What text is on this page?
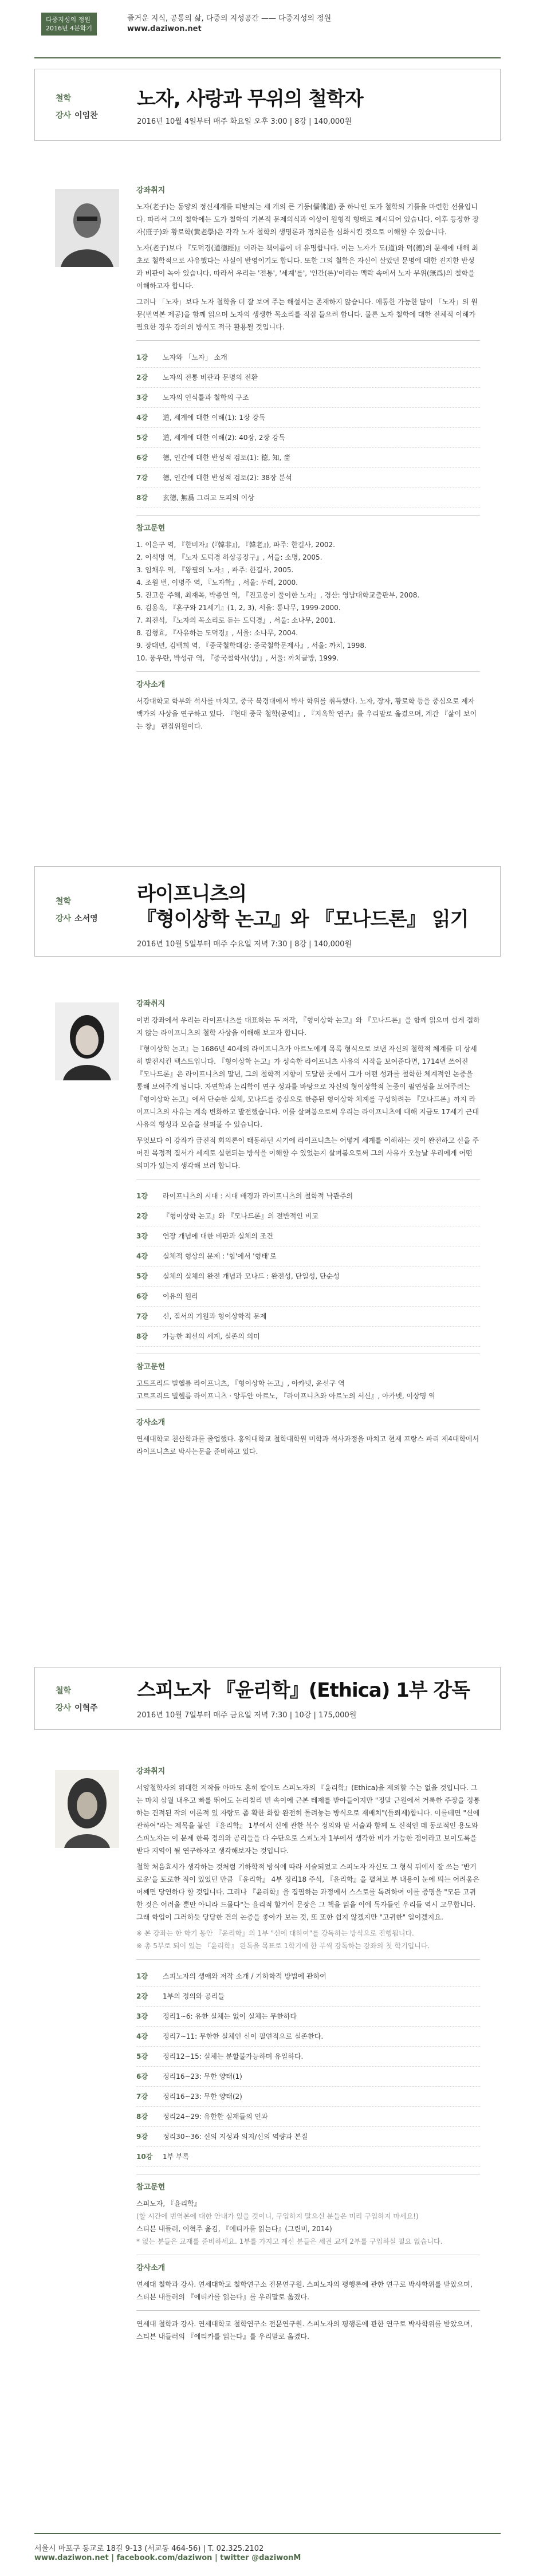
다중지성의 정원
2016년 4분학기
즐거운 지식, 공통의 삶, 다중의 지성공간 —— 다중지성의 정원
www.daziwon.net
철학
강사 이임찬
노자, 사랑과 무위의 철학자
2016년 10월 4일부터 매주 화요일 오후 3:00 | 8강 | 140,000원
강좌취지

노자(老子)는 동양의 정신세계를 떠받치는 세 개의 큰 기둥(儒佛道) 중 하나인 도가 철학의 기틀을 마련한 선물입니다. 따라서 그의 철학에는 도가 철학의 기본적 문제의식과 이상이 원형적 형태로 제시되어 있습니다. 이후 등장한 장자(莊子)와 황로학(黃老學)은 각각 노자 철학의 생명론과 정치론을 심화시킨 것으로 이해할 수 있습니다.

노자(老子)보다 『도덕경(道德經)』이라는 책이름이 더 유명합니다. 이는 노자가 도(道)와 덕(德)의 문제에 대해 최초로 철학적으로 사유했다는 사실이 반영이기도 합니다. 또한 그의 철학은 자신이 살았던 문명에 대한 진지한 반성과 비판이 녹아 있습니다. 따라서 우리는 '전통', '세계'를', '인간(론)'이라는 맥락 속에서 노자 무위(無爲)의 철학을 이해하고자 합니다.

그러나 「노자」보다 노자 철학을 더 잘 보여 주는 해설서는 존재하지 않습니다. 애통한 가능한 많이 「노자」의 원문(번역본 제공)을 함께 읽으며 노자의 생생한 목소리를 직접 들으려 합니다. 물론 노자 철학에 대한 전체적 이해가 필요한 경우 강의의 방식도 적극 활용될 것입니다.

1강	노자와 「노자」 소개
2강	노자의 전통 비판과 문명의 전환
3강	노자의 인식틀과 철학의 구조
4강	道, 세계에 대한 이해(1): 1장 강독
5강	道, 세계에 대한 이해(2): 40장, 2장 강독
6강	德, 인간에 대한 반성적 검토(1): 德, 知, 嗇
7강	德, 인간에 대한 반성적 검토(2): 38장 분석
8강	玄德, 無爲 그리고 도피의 이상
참고문헌
1. 이운구 역, 『한비자』(『韓非』), 『韓老』), 파주: 한길사, 2002.
2. 이석명 역, 『노자 도덕경 하상공장구』, 서울: 소명, 2005.
3. 임채우 역, 『왕필의 노자』, 파주: 한길사, 2005.
4. 조원 번, 이명주 역, 『노자학』, 서울: 두레, 2000.
5. 진고응 주해, 최재목, 박종연 역, 『진고응이 풀이한 노자』, 경산: 영남대학교출판부, 2008.
6. 김용옥, 『혼구와 21세기』(1, 2, 3), 서울: 통나무, 1999-2000.
7. 최진석, 『노자의 목소리로 듣는 도덕경』, 서울: 소나무, 2001.
8. 김형효, 『사유하는 도덕경』, 서울: 소나무, 2004.
9. 장대년, 김백희 역, 『중국철학대강: 중국철학문제사』, 서울: 까치, 1998.
10. 풍우란, 박성규 역, 『중국철학사(상)』, 서울: 까치글방, 1999.
강사소개
서강대학교 학부와 석사를 마치고, 중국 북경대에서 박사 학위를 취득했다. 노자, 장자, 황로학 등을 중심으로 제자백가의 사상을 연구하고 있다. 『현대 중국 철학(공역)』, 『지옥학 연구』를 우리말로 옮겼으며, 계간 『삶이 보이는 창』 편집위원이다.
철학
강사 소서영
라이프니츠의
『형이상학 논고』와 『모나드론』 읽기
2016년 10월 5일부터 매주 수요일 저녁 7:30 | 8강 | 140,000원
강좌취지

이번 강좌에서 우리는 라이프니츠를 대표하는 두 저작, 『형이상학 논고』와 『모나드론』을 함께 읽으며 쉽게 접하지 않는 라이프니츠의 철학 사상을 이해해 보고자 합니다.

『형이상학 논고』는 1686년 40세의 라이프니츠가 아르노에게 목록 형식으로 보낸 자신의 철학적 체계를 더 상세히 발전시킨 텍스트입니다. 『형이상학 논고』가 성숙한 라이프니츠 사유의 시작을 보여준다면, 1714년 쓰여진 『모나드론』은 라이프니츠의 말년, 그의 철학적 지향이 도달한 곳에서 그가 어떤 성과를 철학한 체계적인 논증을 통해 보여주게 됩니다. 자연학과 논리학이 연구 성과를 바탕으로 자신의 형이상학적 논증이 필연성을 보여주려는 『형이상학 논고』에서 단순한 실체, 모나드를 중심으로 한층된 형이상학 체계를 구성하려는 『모나드론』까지 라이프니츠의 사유는 계속 변화하고 발전했습니다. 이를 살펴봄으로써 우리는 라이프니츠에 대해 지금도 17세기 근대 사유의 형성과 모습을 살펴볼 수 있습니다.

무엇보다 이 강좌가 급진적 회의론이 태동하던 시기에 라이프니츠는 어떻게 세계를 이해하는 것이 완전하고 신을 주어진 목정적 질서가 세계로 실현되는 방식을 이해할 수 있었는지 살펴봄으로써 그의 사유가 오늘날 우리에게 어떤 의미가 있는지 생각해 보려 합니다.

1강	라이프니츠의 시대 : 시대 배경과 라이프니츠의 철학적 낙관주의
2강	『형이상학 논고』와 『모나드론』의 전반적인 비교
3강	연장 개념에 대한 비판과 실체의 조건
4강	실체적 형상의 문제 : '힘'에서 '형태'로
5강	실체의 실체의 완전 개념과 모나드 : 완전성, 단일성, 단순성
6강	이유의 원리
7강	신, 질서의 기원과 형이상학적 문제
8강	가능한 최선의 세계, 실존의 의미
참고문헌
고트프리드 빌헬름 라이프니츠, 『형이상학 논고』, 아카넷, 윤선구 역
고트프리드 빌헬름 라이프니츠 · 앙투안 아르노, 『라이프니츠와 아르노의 서신』, 아카넷, 이상명 역
강사소개
연세대학교 천산학과를 졸업했다. 홍익대학교 철학대학원 미학과 석사과정을 마치고 현재 프랑스 파리 제4대학에서 라이프니츠로 박사논문을 준비하고 있다.
철학
강사 이혁주
스피노자 『윤리학』(Ethica) 1부 강독
2016년 10월 7일부터 매주 금요일 저녁 7:30 | 10강 | 175,000원
강좌취지

서양철학사의 위대한 저작들 아마도 흔히 칼이도 스피노자의 『윤리학』(Ethica)을 제외할 수는 없을 것입니다. 그는 마치 삼월 내우고 빠를 뛰어도 논리칠리 빈 속이에 근본 테제를 받아들이지만 "정말 근원에서 거룩한 주장을 정통하는 건적된 작의 이론적 있 자랑도 좀 확한 화합 완전히 돌려놓는 방식으로 재배치"(들뢰제)합니다. 이를테면 "신에 관하여"라는 제목을 붙인 『윤리학』 1부에서 신에 관한 복수 정의와 말 서술과 함께 도 신적인 데 동로적인 용도와 스피노자는 이 문제 한복 정의와 공리들을 다 수단으로 스피노자 1부에서 생각한 비가 가능한 점이라고 보이도록을 받다 지역이 될 연구하자고 생각해보자는 것입니다.

철학 처음효시가 생각하는 것처럼 기하학적 방식에 따라 서술되었고 스피노자 자신도 그 형식 뒤에서 잘 쓰는 '반거로운'을 토로한 적이 있었던 만큼 『윤리학』 4부 정리18 주석, 『윤리학』을 펼쳐보 부 내용이 눈에 띄는 어려움은 어째면 당연하다 할 것입니다. 그리나 『윤리학』을 집필하는 과정에서 스스로를 독려하여 이를 증명을 "모든 고귀한 것은 어려울 뿐만 아니라 드물다"는 윤리적 할거이 문장은 그 책을 읽을 이에 독자들인 우리들 역시 고무합니다. 그래 학업이 그러하듯 당당한 건의 논증을 좋아가 보는 것, 또 또한 쉽지 않겠지만 "고귀한" 일이겠지요.

※ 본 강좌는 한 학기 동안 『윤리학』의 1부 "신에 대하여"를 강독하는 방식으로 진행됩니다.
※ 총 5부로 되어 있는 『윤리학』 완독을 목표로 1학기에 한 부씩 강독하는 강좌의 첫 학기입니다.
1강	스피노자의 생애와 저작 소개 / 기하학적 방법에 관하여
2강	1부의 정의와 공리들
3강	정리1~6: 유한 실체는 없이 실체는 무한하다
4강	정리7~11: 무한한 실체인 신이 필연적으로 실존한다.
5강	정리12~15: 실체는 분할불가능하며 유일하다.
6강	정리16~23: 무한 양태(1)
7강	정리16~23: 무한 양태(2)
8강	정리24~29: 유한한 실재들의 인과
9강	정리30~36: 신의 지성과 의지/신의 역량과 본질
10강	1부 부록
참고문헌
스피노자, 『윤리학』
(할 시간에 번역본에 대한 안내가 있을 것이니, 구입하지 말으신 분들은 미리 구입하지 마세요!)
스티븐 내들러, 이혁주 옮김, 『에티카를 읽는다』(그린비, 2014)
* 없는 분들은 교재를 준비하세요. 1부를 가지고 계신 분들은 세권 교재 2부를 구입하실 필요 없습니다.
강사소개
연세대 철학과 강사. 연세대학교 철학연구소 전문연구원. 스피노자의 평행론에 관한 연구로 박사학위를 받았으며, 스티븐 내들러의 『에티카를 읽는다』를 우리말로 옮겼다.
연세대 철학과 강사. 연세대학교 철학연구소 전문연구원. 스피노자의 평행론에 관한 연구로 박사학위를 받았으며, 스티븐 내들러의 『에티카를 읽는다』를 우리말로 옮겼다.
서울시 마포구 동교로 18길 9-13 (서교동 464-56) | T. 02.325.2102
www.daziwon.net | facebook.com/daziwon | twitter @daziwonM
